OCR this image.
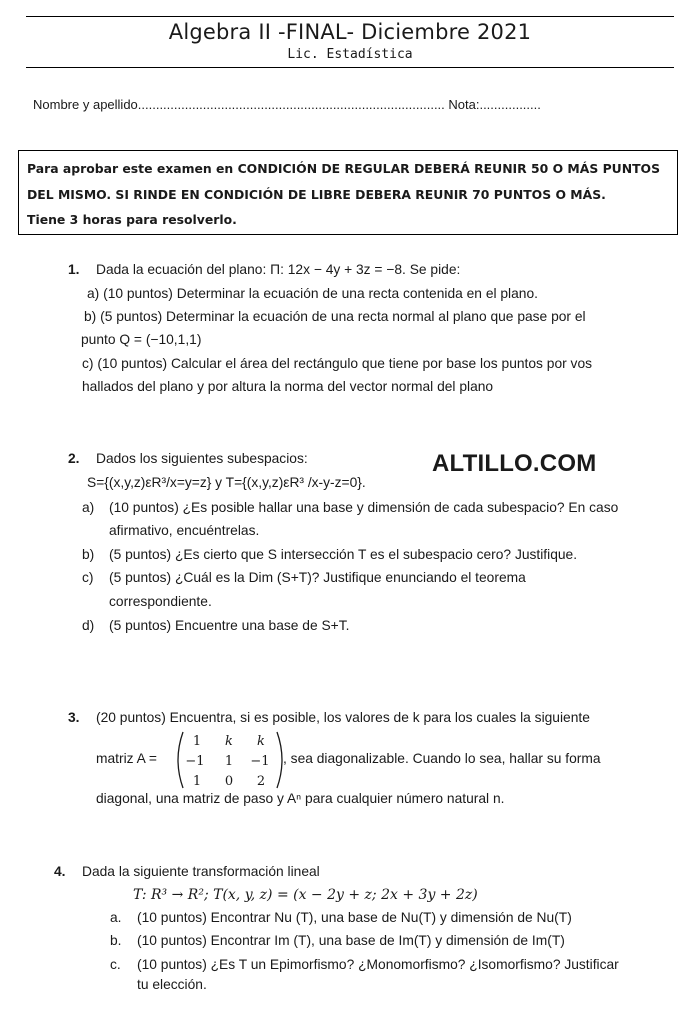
Algebra II -FINAL- Diciembre 2021
Lic. Estadística
Nombre y apellido..................................................................................... Nota:.................
Para aprobar este examen en CONDICIÓN DE REGULAR DEBERÁ REUNIR 50 O MÁS PUNTOS
DEL MISMO. SI RINDE EN CONDICIÓN DE LIBRE DEBERA REUNIR 70 PUNTOS O MÁS.
Tiene 3 horas para resolverlo.
1. Dada la ecuación del plano: Π: 12x − 4y + 3z = −8. Se pide:
a) (10 puntos) Determinar la ecuación de una recta contenida en el plano.
b) (5 puntos) Determinar la ecuación de una recta normal al plano que pase por el
punto Q = (−10,1,1)
c) (10 puntos) Calcular el área del rectángulo que tiene por base los puntos por vos
hallados del plano y por altura la norma del vector normal del plano
ALTILLO.COM
2. Dados los siguientes subespacios:
S={(x,y,z)εR³/x=y=z} y T={(x,y,z)εR³ /x-y-z=0}.
a) (10 puntos) ¿Es posible hallar una base y dimensión de cada subespacio? En caso
afirmativo, encuéntrelas.
b) (5 puntos) ¿Es cierto que S intersección T es el subespacio cero? Justifique.
c) (5 puntos) ¿Cuál es la Dim (S+T)? Justifique enunciando el teorema
correspondiente.
d) (5 puntos) Encuentre una base de S+T.
3. (20 puntos) Encuentra, si es posible, los valores de k para los cuales la siguiente
matriz A =
1 k k
−1 1 −1
1 0 2
, sea diagonalizable. Cuando lo sea, hallar su forma
diagonal, una matriz de paso y Aⁿ para cualquier número natural n.
4. Dada la siguiente transformación lineal
T: R³ → R²; T(x, y, z) = (x − 2y + z; 2x + 3y + 2z)
a. (10 puntos) Encontrar Nu (T), una base de Nu(T) y dimensión de Nu(T)
b. (10 puntos) Encontrar Im (T), una base de Im(T) y dimensión de Im(T)
c. (10 puntos) ¿Es T un Epimorfismo? ¿Monomorfismo? ¿Isomorfismo? Justificar
tu elección.
